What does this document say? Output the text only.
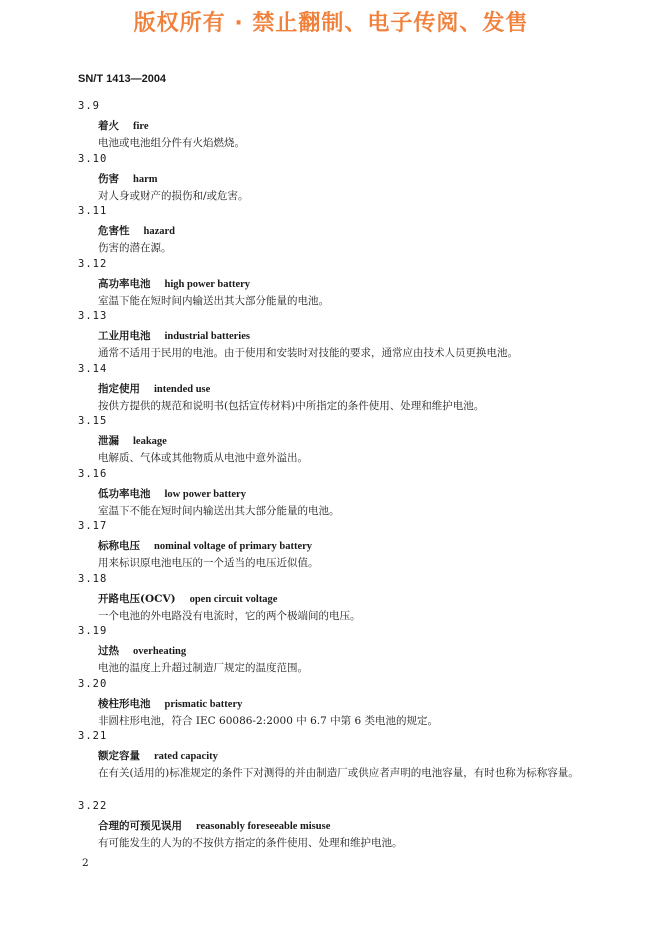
版权所有 · 禁止翻制、电子传阅、发售
SN/T 1413—2004
3.9
着火 fire
电池或电池组分件有火焰燃烧。
3.10
伤害 harm
对人身或财产的损伤和/或危害。
3.11
危害性 hazard
伤害的潜在源。
3.12
高功率电池 high power battery
室温下能在短时间内输送出其大部分能量的电池。
3.13
工业用电池 industrial batteries
通常不适用于民用的电池。由于使用和安装时对技能的要求，通常应由技术人员更换电池。
3.14
指定使用 intended use
按供方提供的规范和说明书(包括宣传材料)中所指定的条件使用、处理和维护电池。
3.15
泄漏 leakage
电解质、气体或其他物质从电池中意外溢出。
3.16
低功率电池 low power battery
室温下不能在短时间内输送出其大部分能量的电池。
3.17
标称电压 nominal voltage of primary battery
用来标识原电池电压的一个适当的电压近似值。
3.18
开路电压(OCV) open circuit voltage
一个电池的外电路没有电流时，它的两个极端间的电压。
3.19
过热 overheating
电池的温度上升超过制造厂规定的温度范围。
3.20
棱柱形电池 prismatic battery
非圆柱形电池，符合 IEC 60086-2:2000 中 6.7 中第 6 类电池的规定。
3.21
额定容量 rated capacity
在有关(适用的)标准规定的条件下对测得的并由制造厂或供应者声明的电池容量，有时也称为标称容量。
3.22
合理的可预见误用 reasonably foreseeable misuse
有可能发生的人为的不按供方指定的条件使用、处理和维护电池。
2
